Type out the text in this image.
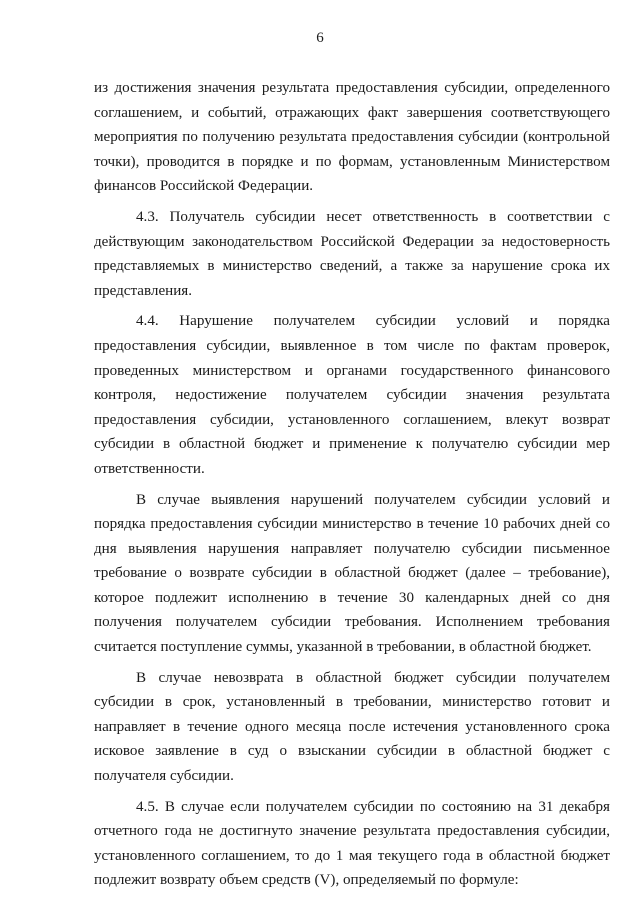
6

из достижения значения результата предоставления субсидии, определенного соглашением, и событий, отражающих факт завершения соответствующего мероприятия по получению результата предоставления субсидии (контрольной точки), проводится в порядке и по формам, установленным Министерством финансов Российской Федерации.

4.3. Получатель субсидии несет ответственность в соответствии с действующим законодательством Российской Федерации за недостоверность представляемых в министерство сведений, а также за нарушение срока их представления.

4.4. Нарушение получателем субсидии условий и порядка предоставления субсидии, выявленное в том числе по фактам проверок, проведенных министерством и органами государственного финансового контроля, недостижение получателем субсидии значения результата предоставления субсидии, установленного соглашением, влекут возврат субсидии в областной бюджет и применение к получателю субсидии мер ответственности.

В случае выявления нарушений получателем субсидии условий и порядка предоставления субсидии министерство в течение 10 рабочих дней со дня выявления нарушения направляет получателю субсидии письменное требование о возврате субсидии в областной бюджет (далее – требование), которое подлежит исполнению в течение 30 календарных дней со дня получения получателем субсидии требования. Исполнением требования считается поступление суммы, указанной в требовании, в областной бюджет.

В случае невозврата в областной бюджет субсидии получателем субсидии в срок, установленный в требовании, министерство готовит и направляет в течение одного месяца после истечения установленного срока исковое заявление в суд о взыскании субсидии в областной бюджет с получателя субсидии.

4.5. В случае если получателем субсидии по состоянию на 31 декабря отчетного года не достигнуто значение результата предоставления субсидии, установленного соглашением, то до 1 мая текущего года в областной бюджет подлежит возврату объем средств (V), определяемый по формуле:
